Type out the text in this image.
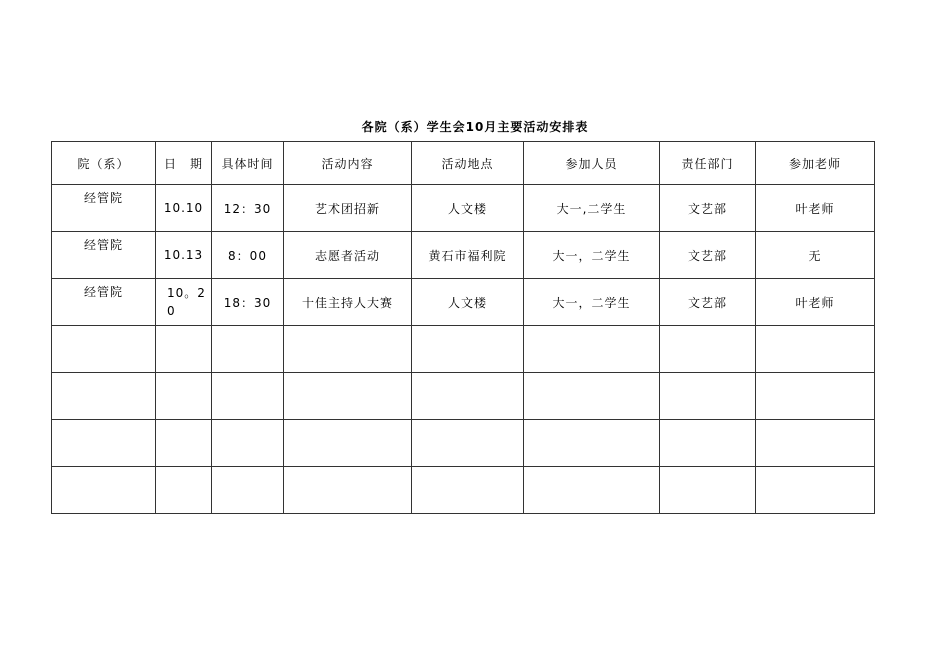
各院（系）学生会10月主要活动安排表
院（系）	日　期	具体时间	活动内容	活动地点	参加人员	责任部门	参加老师
经管院	10.10	12：30	艺术团招新	人文楼	大一,二学生	文艺部	叶老师
经管院	10.13	8：00	志愿者活动	黄石市福利院	大一，二学生	文艺部	无
经管院	10。20	18：30	十佳主持人大赛	人文楼	大一，二学生	文艺部	叶老师
